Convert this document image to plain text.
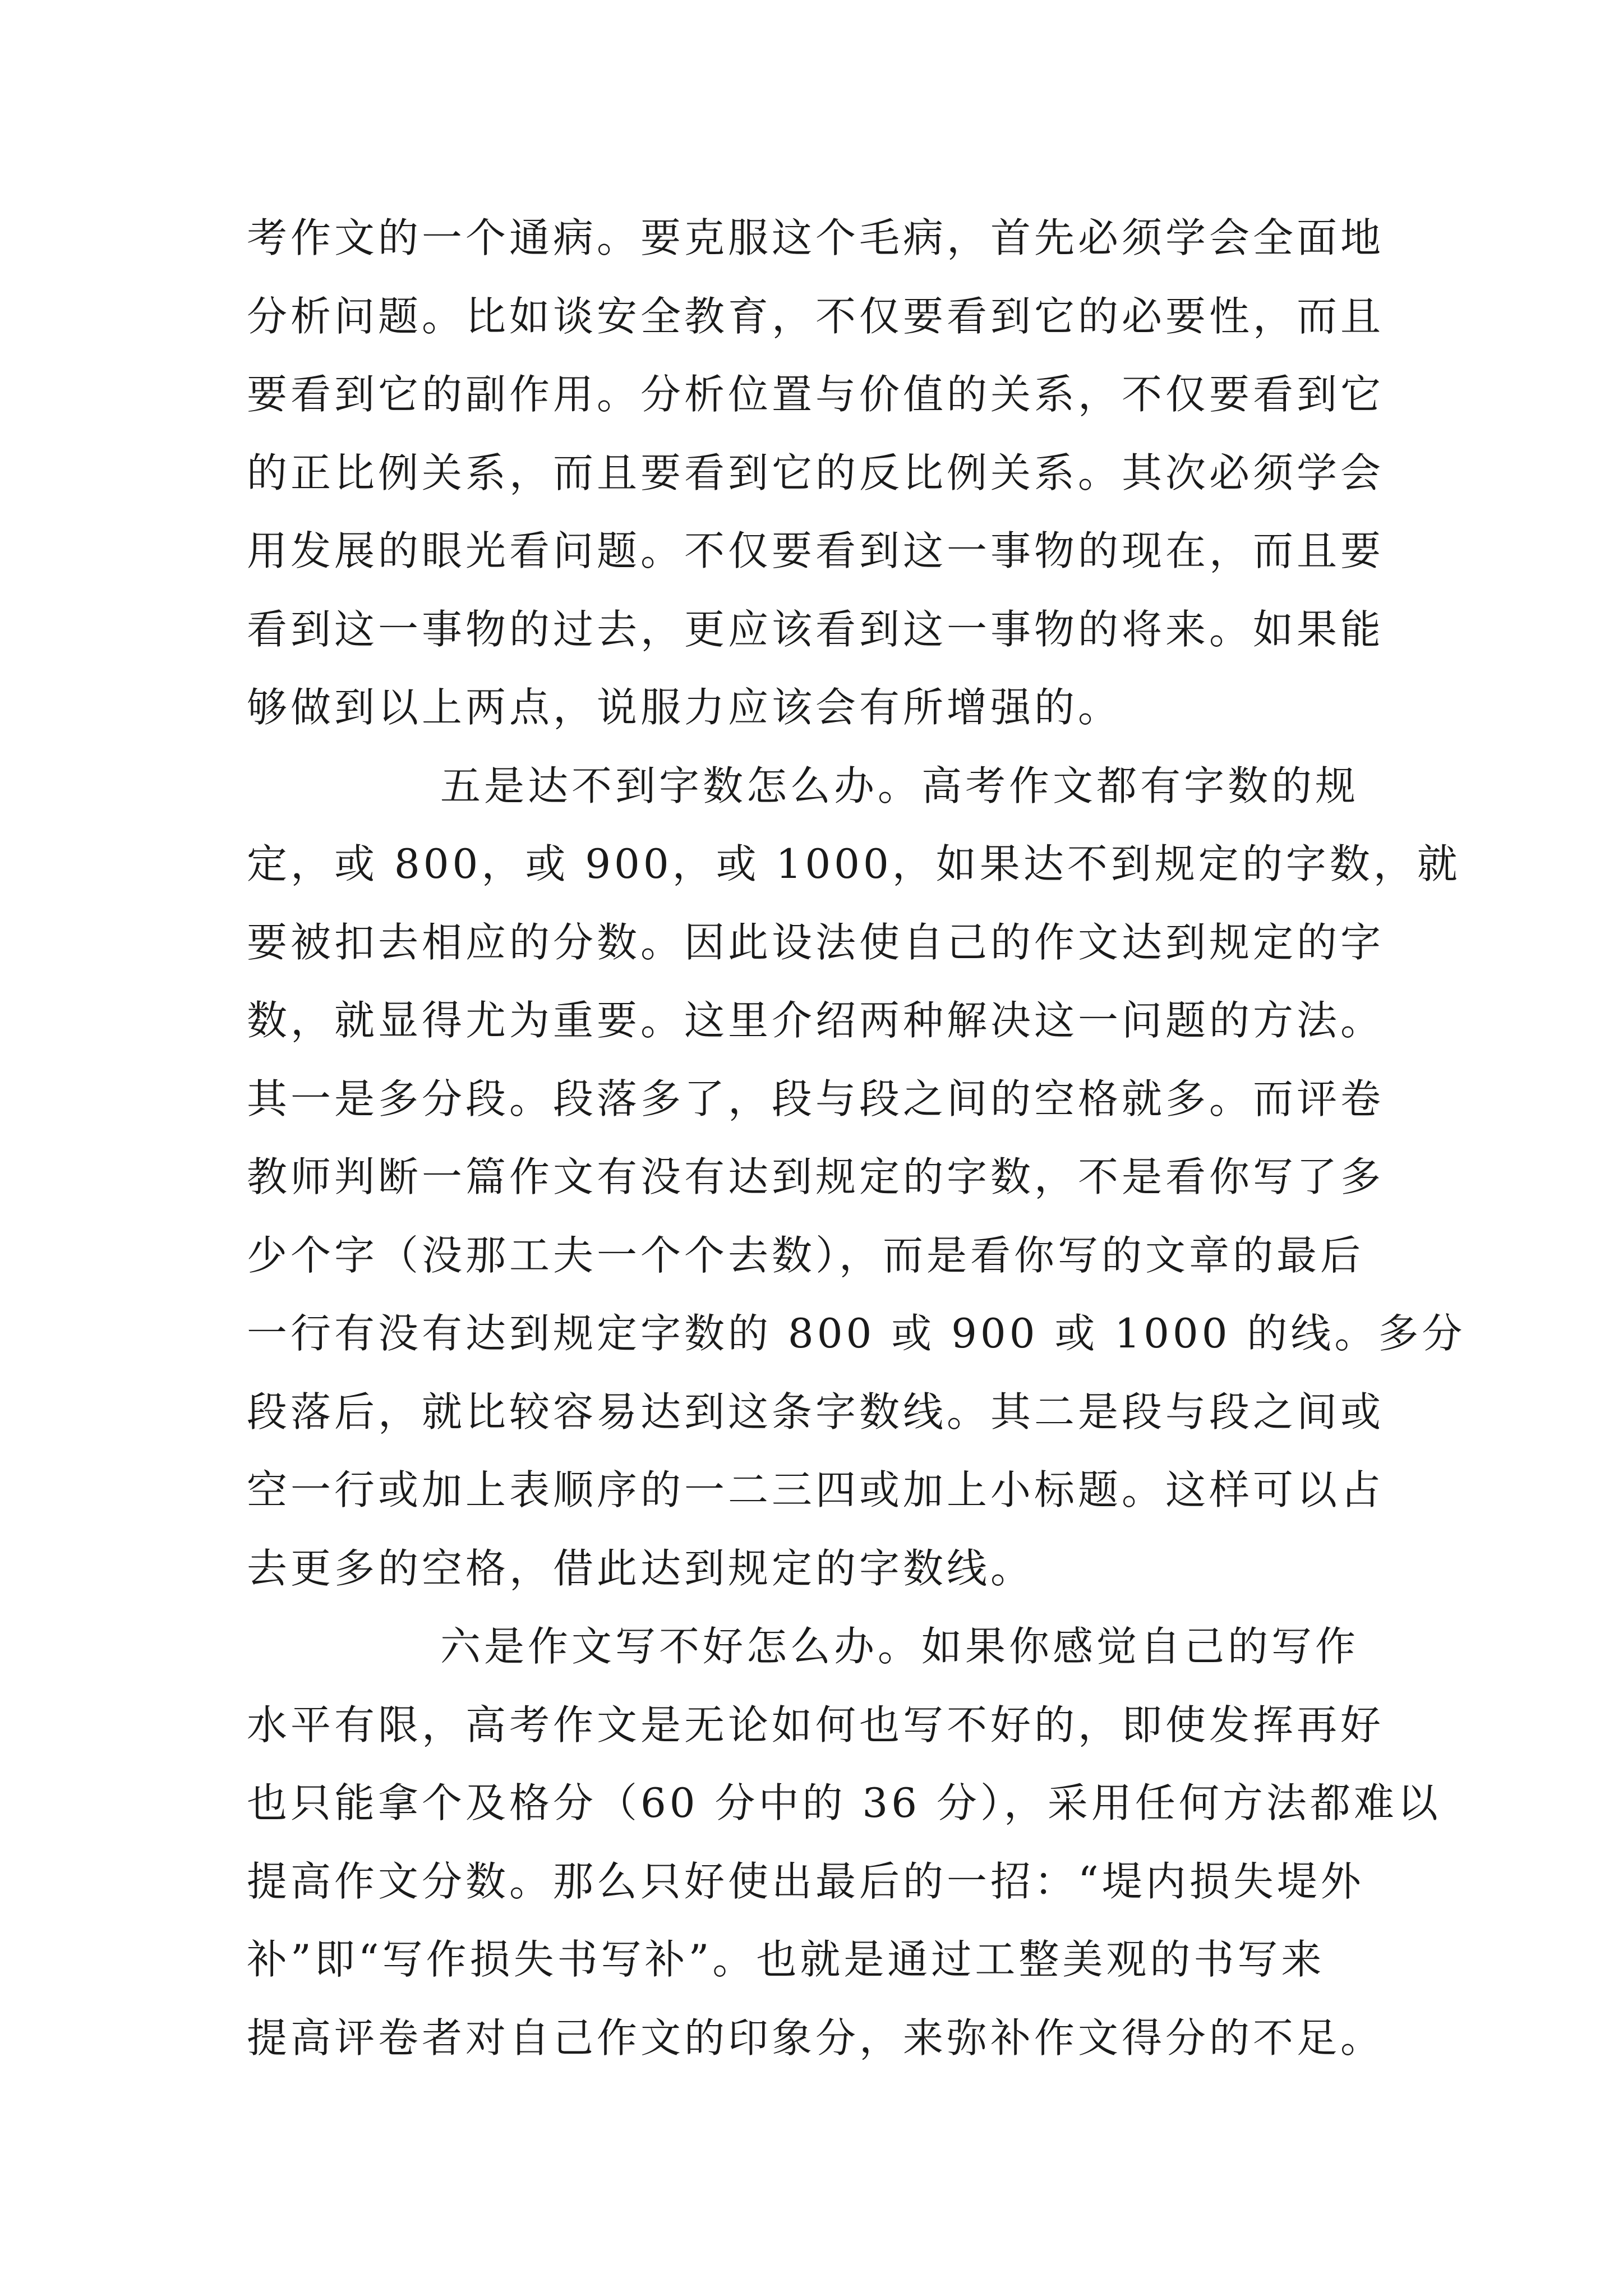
考作文的一个通病。要克服这个毛病，首先必须学会全面地
分析问题。比如谈安全教育，不仅要看到它的必要性，而且
要看到它的副作用。分析位置与价值的关系，不仅要看到它
的正比例关系，而且要看到它的反比例关系。其次必须学会
用发展的眼光看问题。不仅要看到这一事物的现在，而且要
看到这一事物的过去，更应该看到这一事物的将来。如果能
够做到以上两点，说服力应该会有所增强的。
五是达不到字数怎么办。高考作文都有字数的规
定，或 800，或 900，或 1000，如果达不到规定的字数，就
要被扣去相应的分数。因此设法使自己的作文达到规定的字
数，就显得尤为重要。这里介绍两种解决这一问题的方法。
其一是多分段。段落多了，段与段之间的空格就多。而评卷
教师判断一篇作文有没有达到规定的字数，不是看你写了多
少个字（没那工夫一个个去数），而是看你写的文章的最后
一行有没有达到规定字数的 800 或 900 或 1000 的线。多分
段落后，就比较容易达到这条字数线。其二是段与段之间或
空一行或加上表顺序的一二三四或加上小标题。这样可以占
去更多的空格，借此达到规定的字数线。
六是作文写不好怎么办。如果你感觉自己的写作
水平有限，高考作文是无论如何也写不好的，即使发挥再好
也只能拿个及格分（60 分中的 36 分），采用任何方法都难以
提高作文分数。那么只好使出最后的一招：“堤内损失堤外
补”即“写作损失书写补”。也就是通过工整美观的书写来
提高评卷者对自己作文的印象分，来弥补作文得分的不足。
